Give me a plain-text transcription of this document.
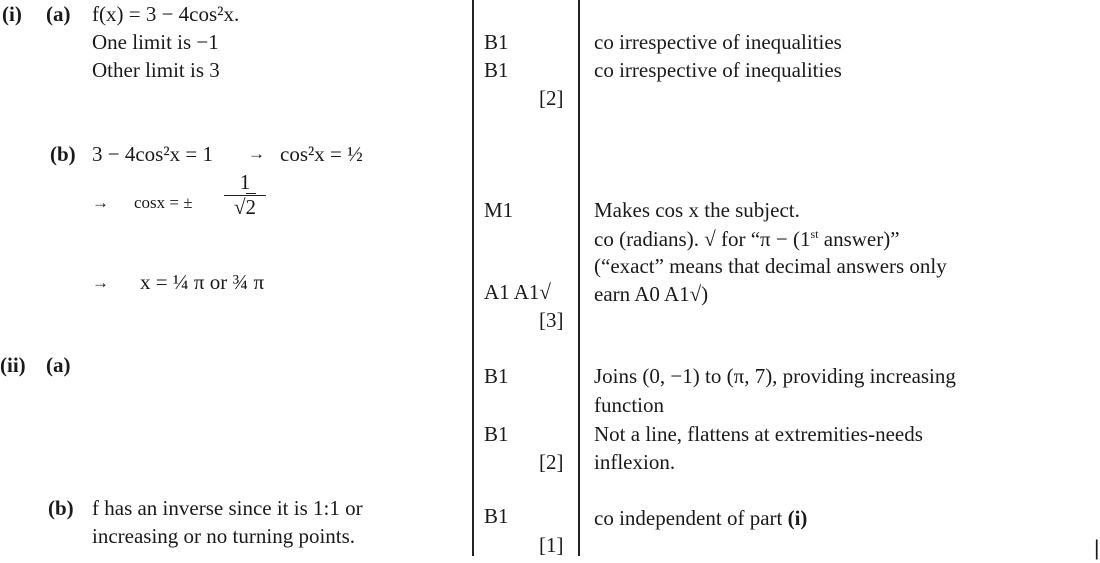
(i) (a) f(x) = 3 − 4cos²x.
One limit is −1
Other limit is 3
B1
B1
[2]
co irrespective of inequalities
co irrespective of inequalities
(b) 3 − 4cos²x = 1 → cos²x = ½
→ cosx = ±
1
√2
→ x = ¼ π or ¾ π
M1
A1 A1√
[3]
Makes cos x the subject.
co (radians). √ for “π − (1st answer)”
(“exact” means that decimal answers only
earn A0 A1√)
(ii) (a)	B1
B1
[2]
Joins (0, −1) to (π, 7), providing increasing
function
Not a line, flattens at extremities-needs
inflexion.
(b) f has an inverse since it is 1:1 or
increasing or no turning points.
B1
[1]
co independent of part (i)
|
